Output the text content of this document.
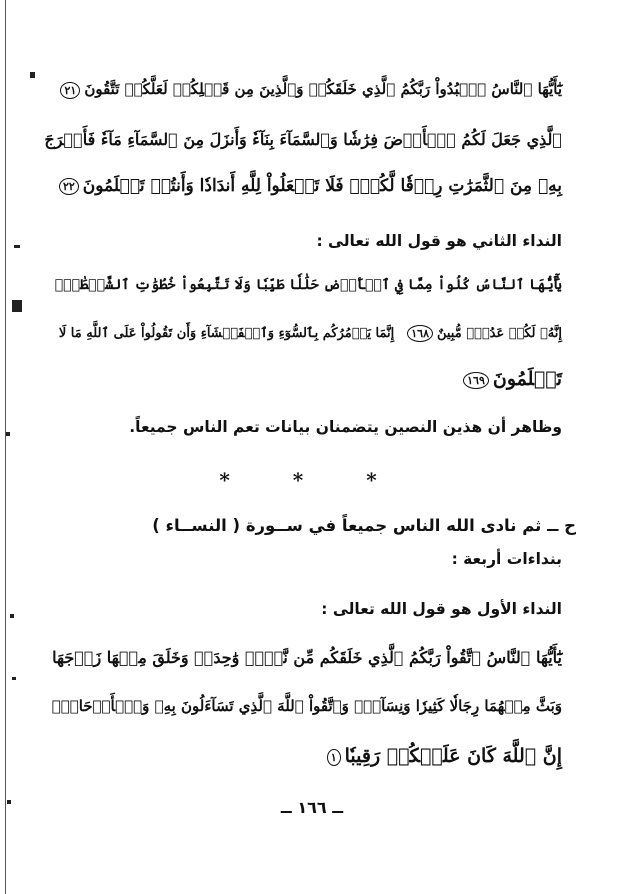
يَٰٓأَيُّهَا ٱلنَّاسُ ٱعۡبُدُواْ رَبَّكُمُ ٱلَّذِي خَلَقَكُمۡ وَٱلَّذِينَ مِن قَبۡلِكُمۡ لَعَلَّكُمۡ تَتَّقُونَ٢١
ٱلَّذِي جَعَلَ لَكُمُ ٱلۡأَرۡضَ فِرَٰشٗا وَٱلسَّمَآءَ بِنَآءٗ وَأَنزَلَ مِنَ ٱلسَّمَآءِ مَآءٗ فَأَخۡرَجَ
بِهِۦ مِنَ ٱلثَّمَرَٰتِ رِزۡقٗا لَّكُمۡۖ فَلَا تَجۡعَلُواْ لِلَّهِ أَندَادٗا وَأَنتُمۡ تَعۡلَمُونَ٢٢
النداء الثاني هو قول الله تعالى :
يَٰٓأَيُّهَا ٱلنَّاسُ كُلُواْ مِمَّا فِي ٱلۡأَرۡضِ حَلَٰلٗا طَيِّبٗا وَلَا تَتَّبِعُواْ خُطُوَٰتِ ٱلشَّيۡطَٰنِۚ
إِنَّهُۥ لَكُمۡ عَدُوّٞ مُّبِينٌ١٦٨  إِنَّمَا يَأۡمُرُكُم بِٱلسُّوٓءِ وَٱلۡفَحۡشَآءِ وَأَن تَقُولُواْ عَلَى ٱللَّهِ مَا لَا
تَعۡلَمُونَ١٦٩
وظاهر أن هذين النصين يتضمنان بيانات تعم الناس جميعاً.
* * *
ح ــ ثم نادى الله الناس جميعاً في ســورة ( النســاء )
بنداءات أربعة :
النداء الأول هو قول الله تعالى :
يَٰٓأَيُّهَا ٱلنَّاسُ ٱتَّقُواْ رَبَّكُمُ ٱلَّذِي خَلَقَكُم مِّن نَّفۡسٖ وَٰحِدَةٖ وَخَلَقَ مِنۡهَا زَوۡجَهَا
وَبَثَّ مِنۡهُمَا رِجَالٗا كَثِيرٗا وَنِسَآءٗۚ وَٱتَّقُواْ ٱللَّهَ ٱلَّذِي تَسَآءَلُونَ بِهِۦ وَٱلۡأَرۡحَامَۚ
إِنَّ ٱللَّهَ كَانَ عَلَيۡكُمۡ رَقِيبٗا١
ــ ١٦٦ ــ
